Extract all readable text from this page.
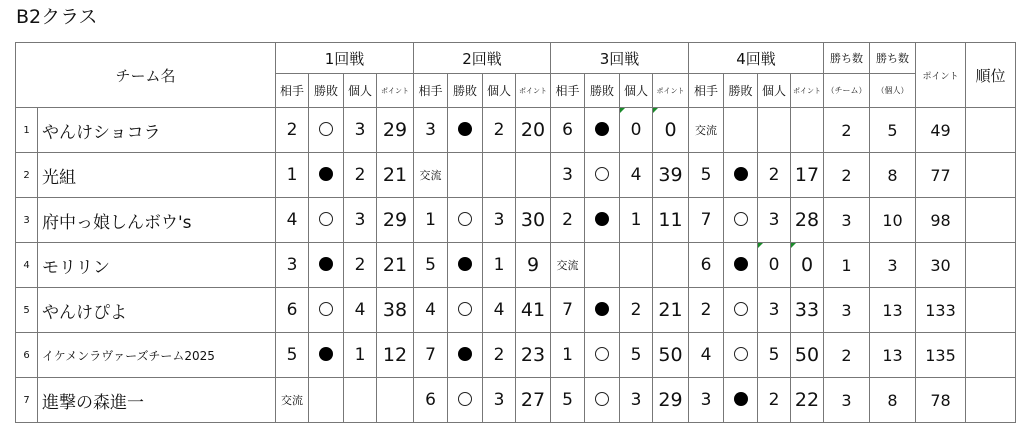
B2クラス
チーム名		1回戦				2回戦				3回戦				4回戦				勝ち数	勝ち数	ポイント	順位
		相手	勝敗	個人	ポイント	相手	勝敗	個人	ポイント	相手	勝敗	個人	ポイント	相手	勝敗	個人	ポイント	（チーム）	（個人）		
1	やんけショコラ	2		3	29	3		2	20	6		0	0	交流				2	5	49	
2	光組	1		2	21	交流				3		4	39	5		2	17	2	8	77	
3	府中っ娘しんボウ's	4		3	29	1		3	30	2		1	11	7		3	28	3	10	98	
4	モリリン	3		2	21	5		1	9	交流				6		0	0	1	3	30	
5	やんけぴよ	6		4	38	4		4	41	7		2	21	2		3	33	3	13	133	
6	イケメンラヴァーズチーム2025	5		1	12	7		2	23	1		5	50	4		5	50	2	13	135	
7	進撃の森進一	交流				6		3	27	5		3	29	3		2	22	3	8	78	
